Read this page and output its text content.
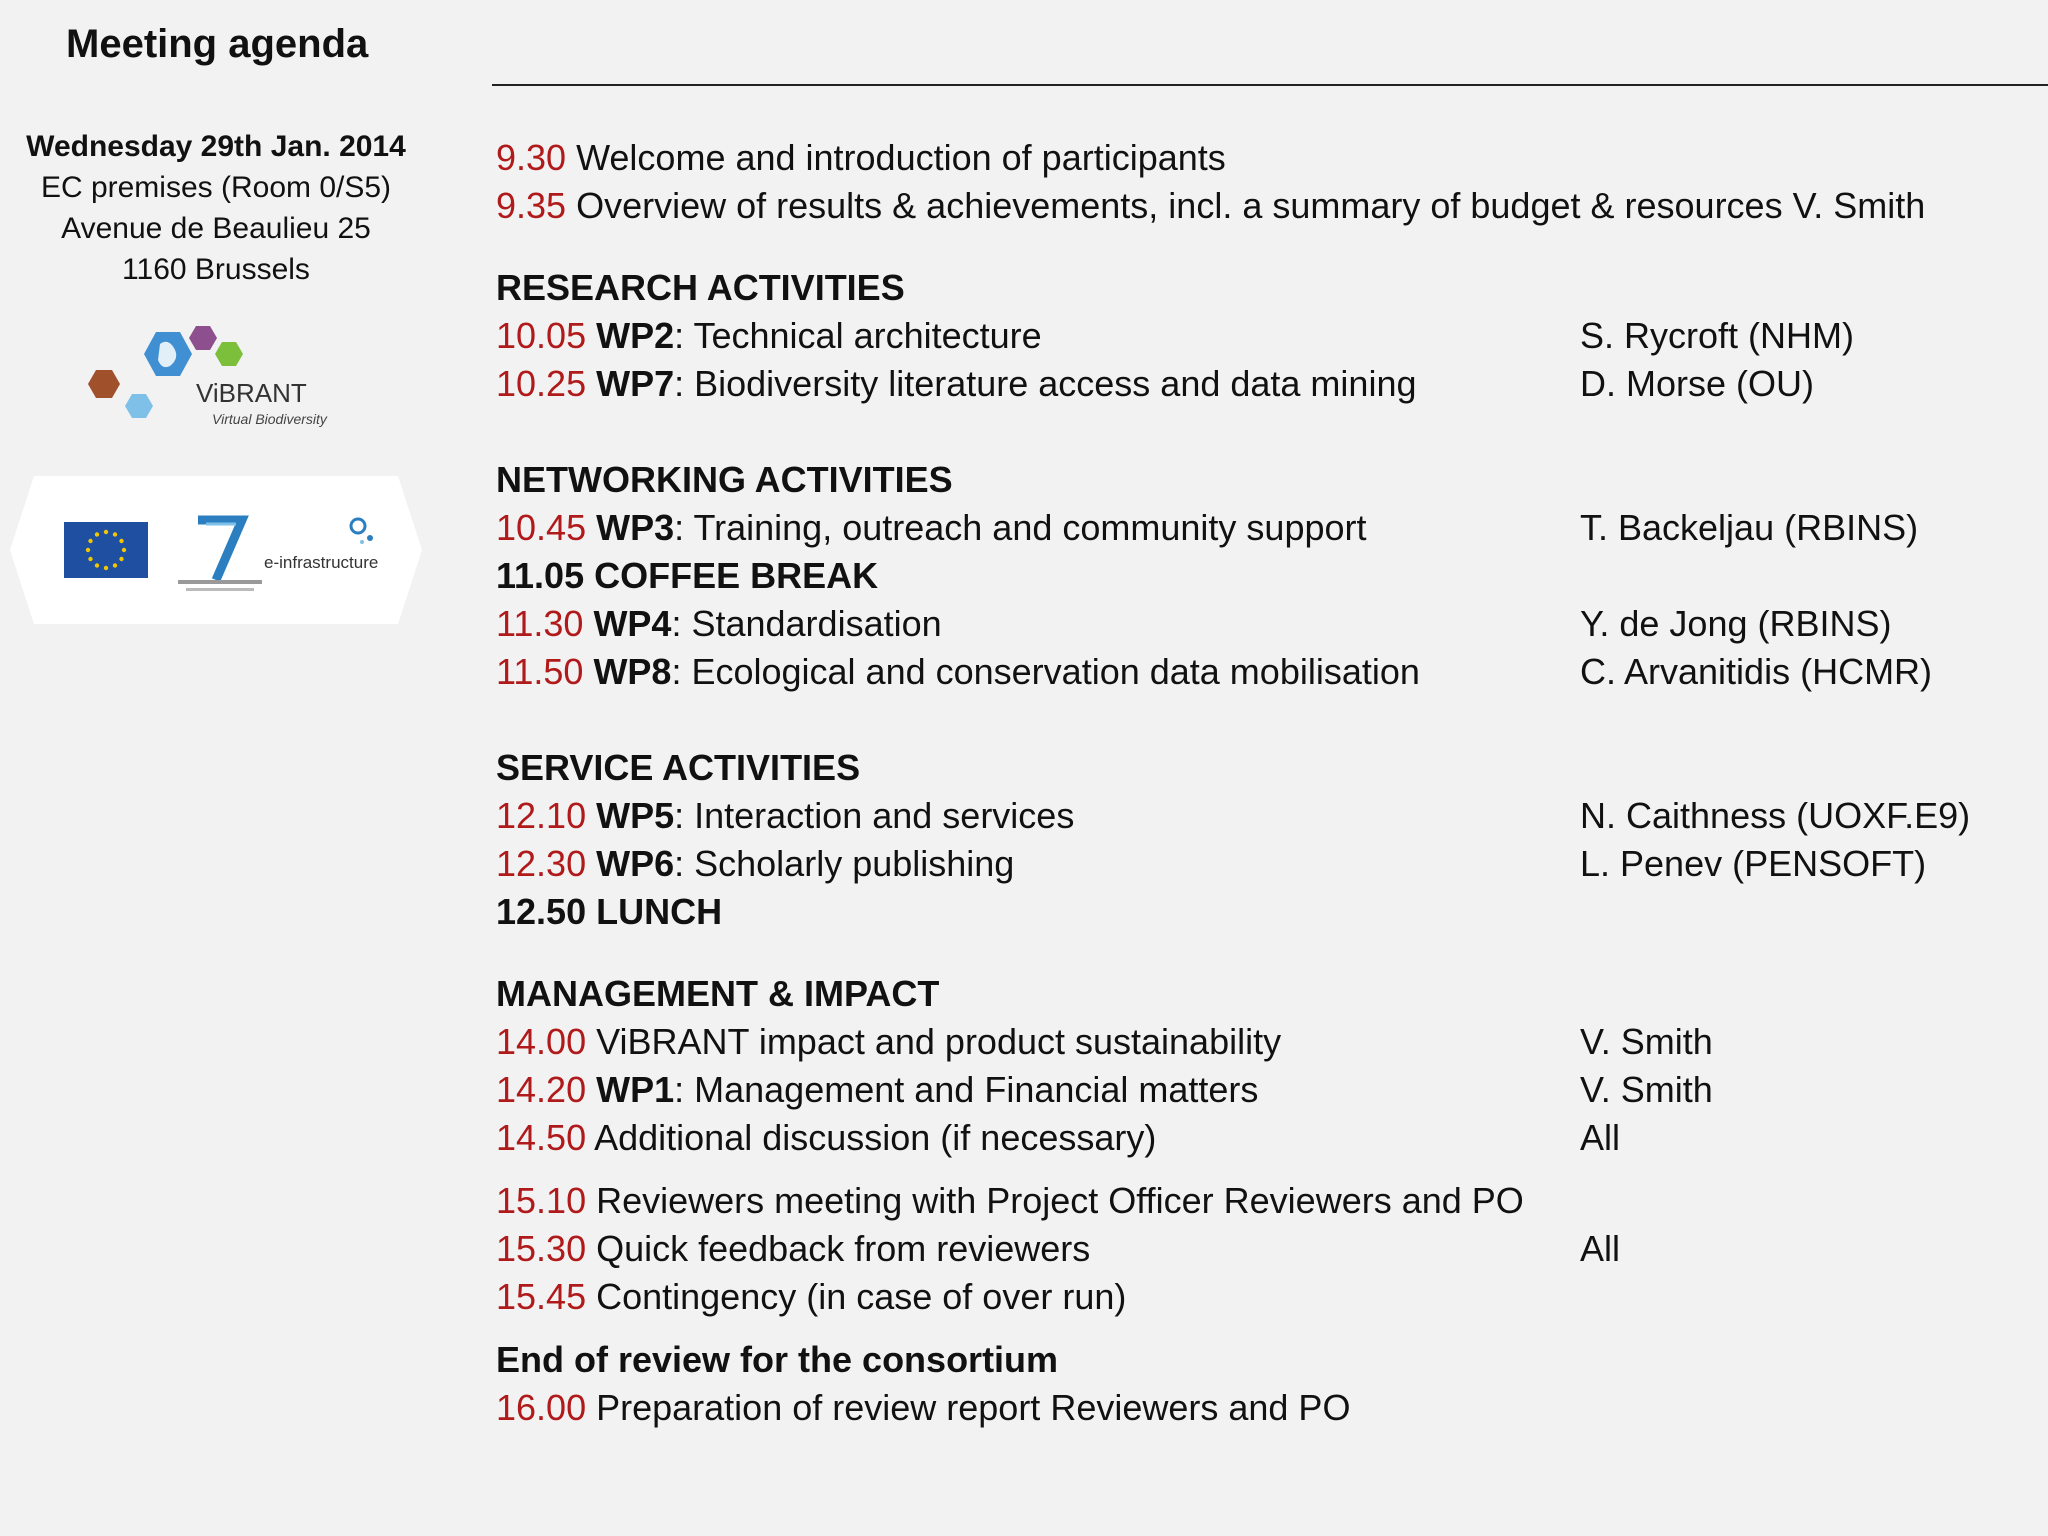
Meeting agenda
Wednesday 29th Jan. 2014
EC premises (Room 0/S5)
Avenue de Beaulieu 25
1160 Brussels
ViBRANT
Virtual Biodiversity
e-infrastructure
9.30 Welcome and introduction of participants
9.35 Overview of results & achievements, incl. a summary of budget & resources V. Smith
RESEARCH ACTIVITIES
10.05 WP2: Technical architecture	S. Rycroft (NHM)
10.25 WP7: Biodiversity literature access and data mining	D. Morse (OU)
NETWORKING ACTIVITIES
10.45 WP3: Training, outreach and community support	T. Backeljau (RBINS)
11.05 COFFEE BREAK
11.30 WP4: Standardisation	Y. de Jong (RBINS)
11.50 WP8: Ecological and conservation data mobilisation	C. Arvanitidis (HCMR)
SERVICE ACTIVITIES
12.10 WP5: Interaction and services	N. Caithness (UOXF.E9)
12.30 WP6: Scholarly publishing	L. Penev (PENSOFT)
12.50 LUNCH
MANAGEMENT & IMPACT
14.00 ViBRANT impact and product sustainability	V. Smith
14.20 WP1: Management and Financial matters	V. Smith
14.50 Additional discussion (if necessary)	All
15.10 Reviewers meeting with Project Officer Reviewers and PO
15.30 Quick feedback from reviewers	All
15.45 Contingency (in case of over run)
End of review for the consortium
16.00 Preparation of review report Reviewers and PO
